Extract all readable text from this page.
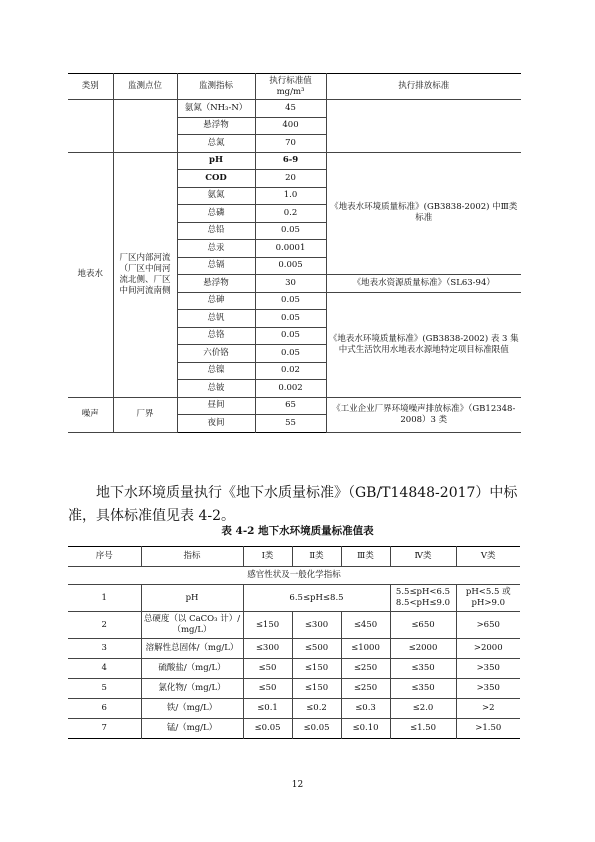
类别	监测点位	监测指标	执行标准值 mg/m³	执行排放标准
		氨氮（NH₃-N）	45	
		悬浮物	400	
		总氮	70	
地表水	厂区内部河流（厂区中间河流北侧、厂区中间河流南侧	pH	6-9	《地表水环境质量标准》(GB3838-2002) 中Ⅲ类标准
		COD	20	
		氨氮	1.0	
		总磷	0.2	
		总铅	0.05	
		总汞	0.0001	
		总镉	0.005	
		悬浮物	30	《地表水资源质量标准》（SL63-94）
		总砷	0.05	《地表水环境质量标准》(GB3838-2002) 表 3 集中式生活饮用水地表水源地特定项目标准限值
		总钒	0.05	
		总铬	0.05	
		六价铬	0.05	
		总镍	0.02	
		总铍	0.002	
噪声	厂界	昼间	65	《工业企业厂界环境噪声排放标准》（GB12348-2008）3 类
		夜间	55	

地下水环境质量执行《地下水质量标准》（GB/T14848-2017）中标准，具体标准值见表 4-2。

表 4-2 地下水环境质量标准值表
序号	指标	Ⅰ类	Ⅱ类	Ⅲ类	Ⅳ类	Ⅴ类
感官性状及一般化学指标						
1	pH	6.5≤pH≤8.5			5.5≤pH<6.5 8.5<pH≤9.0	pH<5.5 或 pH>9.0
2	总硬度（以 CaCO₃ 计）/（mg/L）	≤150	≤300	≤450	≤650	>650
3	溶解性总固体/（mg/L）	≤300	≤500	≤1000	≤2000	>2000
4	硫酸盐/（mg/L）	≤50	≤150	≤250	≤350	>350
5	氯化物/（mg/L）	≤50	≤150	≤250	≤350	>350
6	铁/（mg/L）	≤0.1	≤0.2	≤0.3	≤2.0	>2
7	锰/（mg/L）	≤0.05	≤0.05	≤0.10	≤1.50	>1.50
12
